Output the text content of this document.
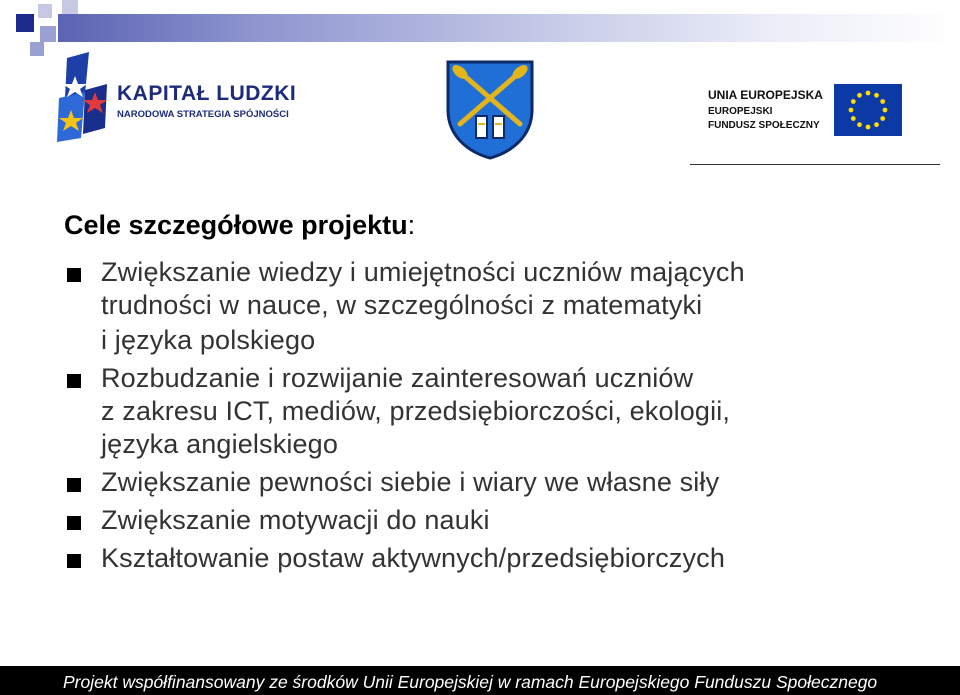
KAPITAŁ LUDZKI
NARODOWA STRATEGIA SPÓJNOŚCI
UNIA EUROPEJSKA
EUROPEJSKI
FUNDUSZ SPOŁECZNY
Cele szczegółowe projektu:
Zwiększanie wiedzy i umiejętności uczniów mających
trudności w nauce, w szczególności z matematyki
i języka polskiego
Rozbudzanie i rozwijanie zainteresowań uczniów
z zakresu ICT, mediów, przedsiębiorczości, ekologii,
języka angielskiego
Zwiększanie pewności siebie i wiary we własne siły
Zwiększanie motywacji do nauki
Kształtowanie postaw aktywnych/przedsiębiorczych
Projekt współfinansowany ze środków Unii Europejskiej w ramach Europejskiego Funduszu Społecznego
